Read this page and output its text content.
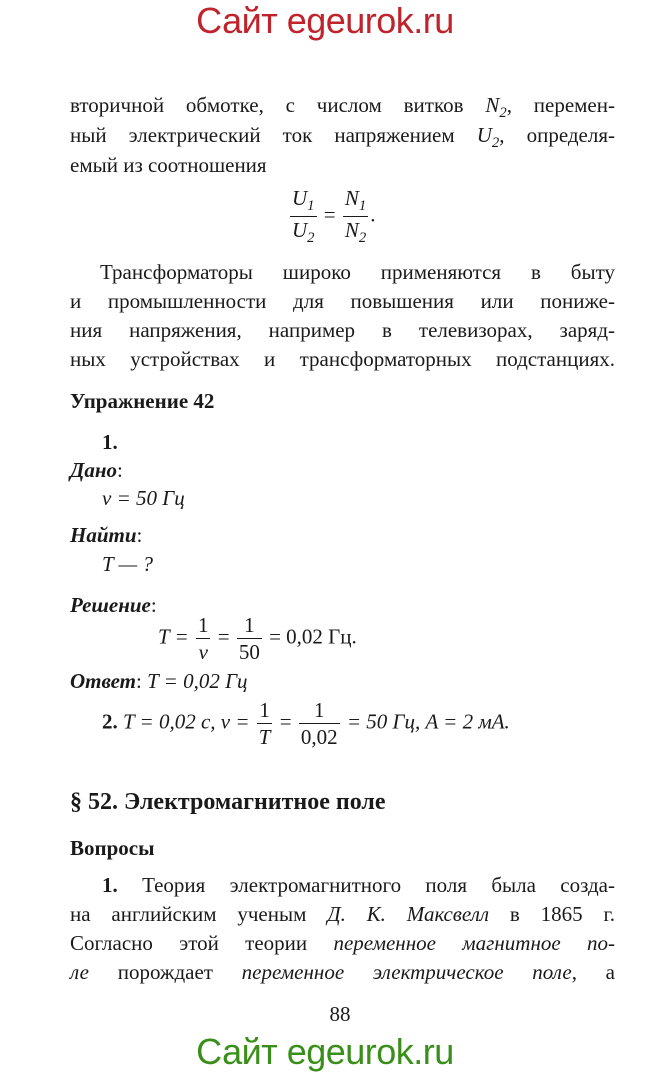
Сайт egeurok.ru
вторичной обмотке, с числом витков $N_2$, перемен-
ный электрический ток напряжением $U_2$, определя-
емый из соотношения
$\frac{U_1}{U_2} = \frac{N_1}{N_2}$ .
Трансформаторы широко применяются в быту
и промышленности для повышения или пониже-
ния напряжения, например в телевизорах, заряд-
ных устройствах и трансформаторных подстанциях.
Упражнение 42
1.
Дано:
ν = 50 Гц
Найти:
T — ?
Решение:
$T = \frac{1}{\nu} = \frac{1}{50} = 0,02$ Гц.
Ответ: T = 0,02 Гц
2. T = 0,02 с, $\nu = \frac{1}{T} = \frac{1}{0,02} = 50$ Гц, A = 2 мА.
§ 52. Электромагнитное поле
Вопросы
1. Теория электромагнитного поля была созда-
на английским ученым Д. К. Максвелл в 1865 г.
Согласно этой теории переменное магнитное по-
ле порождает переменное электрическое поле, а
88
Сайт egeurok.ru
